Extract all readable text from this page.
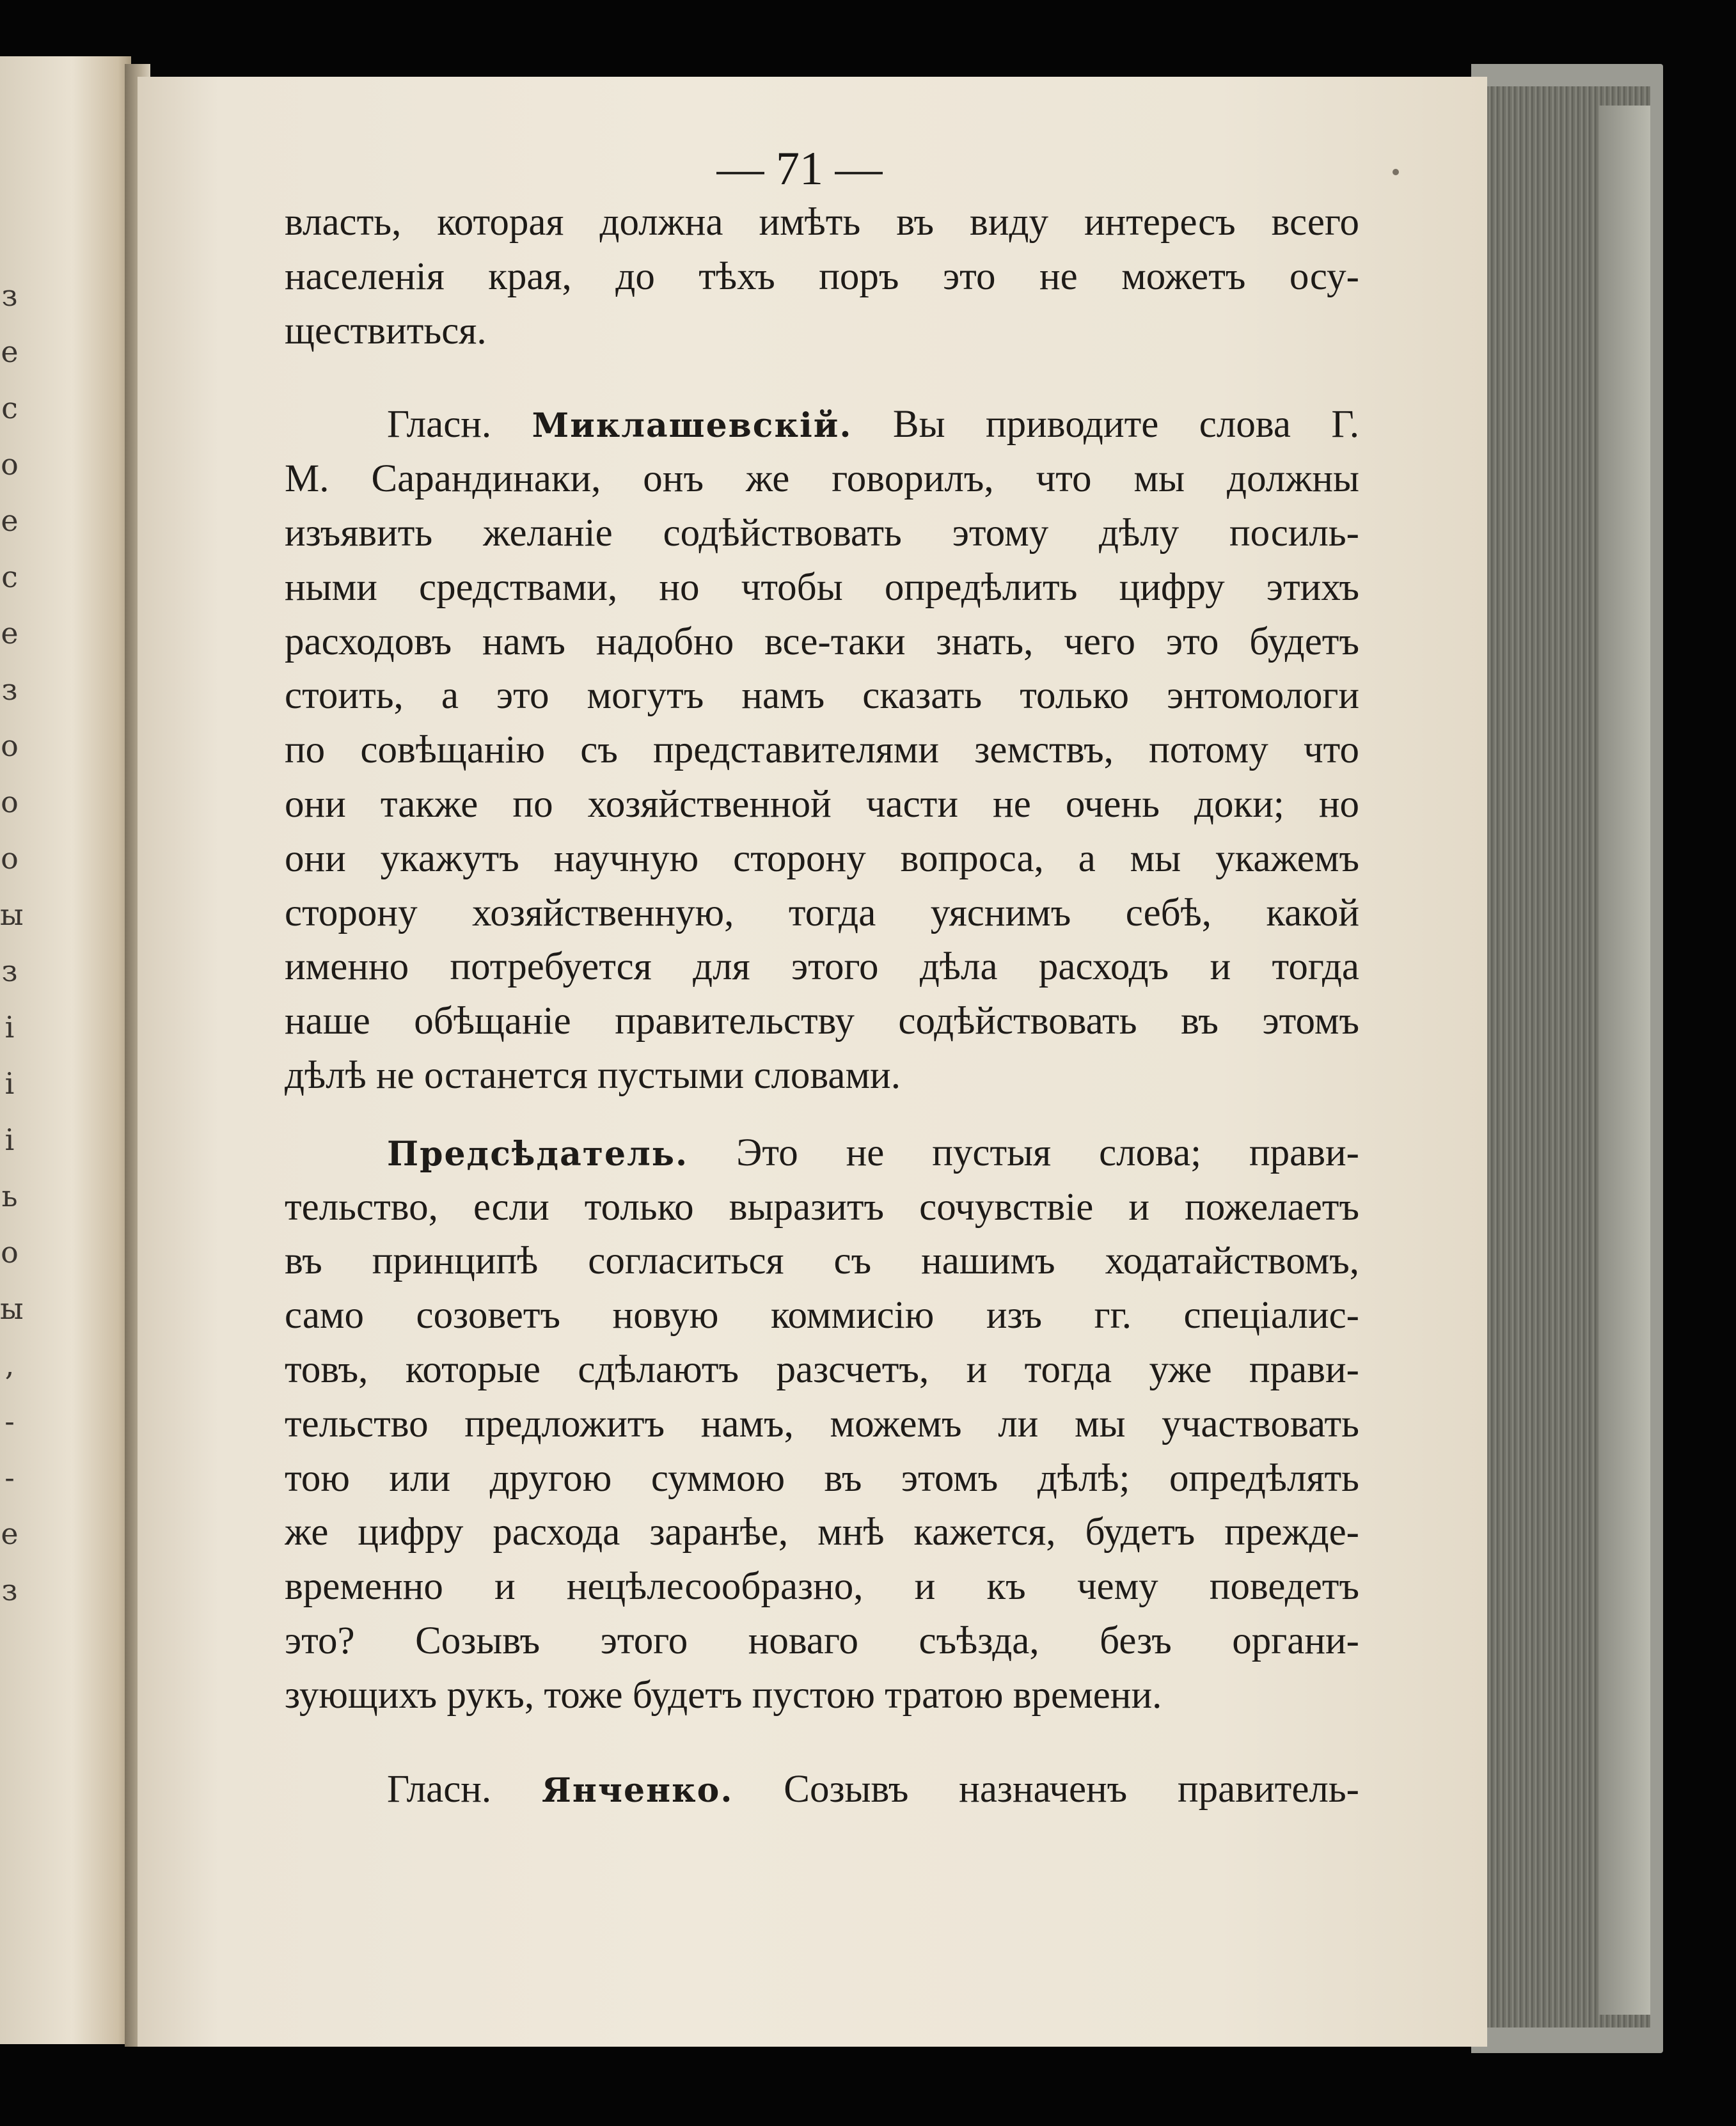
з
е
с
о
е
с
е
з
о
о
о
ы
з
і
і
і
ь
о
ы
,
-
-
е
з
— 71 —
власть, которая должна имѣть въ виду интересъ всего
населенія края, до тѣхъ поръ это не можетъ осу-
ществиться.
Гласн. Миклашевскій. Вы приводите слова Г.
М. Сарандинаки, онъ же говорилъ, что мы должны
изъявить желаніе содѣйствовать этому дѣлу посиль-
ными средствами, но чтобы опредѣлить цифру этихъ
расходовъ намъ надобно все-таки знать, чего это будетъ
стоить, а это могутъ намъ сказать только энтомологи
по совѣщанію съ представителями земствъ, потому что
они также по хозяйственной части не очень доки; но
они укажутъ научную сторону вопроса, а мы укажемъ
сторону хозяйственную, тогда уяснимъ себѣ, какой
именно потребуется для этого дѣла расходъ и тогда
наше обѣщаніе правительству содѣйствовать въ этомъ
дѣлѣ не останется пустыми словами.
Предсѣдатель. Это не пустыя слова; прави-
тельство, если только выразитъ сочувствіе и пожелаетъ
въ принципѣ согласиться съ нашимъ ходатайствомъ,
само созоветъ новую коммисію изъ гг. спеціалис-
товъ, которые сдѣлаютъ разсчетъ, и тогда уже прави-
тельство предложитъ намъ, можемъ ли мы участвовать
тою или другою суммою въ этомъ дѣлѣ; опредѣлять
же цифру расхода заранѣе, мнѣ кажется, будетъ прежде-
временно и нецѣлесообразно, и къ чему поведетъ
это? Созывъ этого новаго съѣзда, безъ органи-
зующихъ рукъ, тоже будетъ пустою тратою времени.
Гласн. Янченко. Созывъ назначенъ правитель-
